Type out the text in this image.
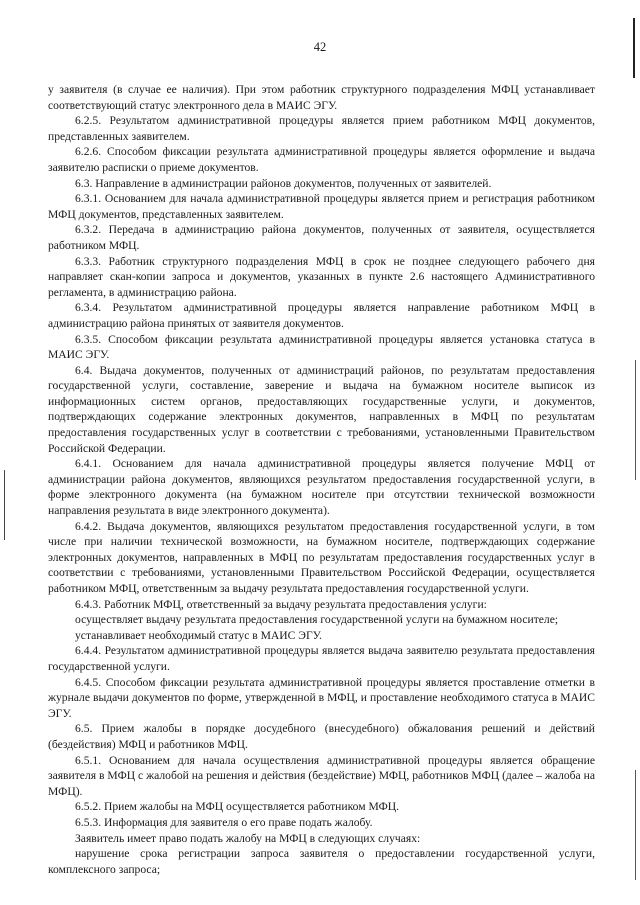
42

у заявителя (в случае ее наличия). При этом работник структурного подразделения МФЦ устанавливает соответствующий статус электронного дела в МАИС ЭГУ.

6.2.5. Результатом административной процедуры является прием работником МФЦ документов, представленных заявителем.

6.2.6. Способом фиксации результата административной процедуры является оформление и выдача заявителю расписки о приеме документов.

6.3. Направление в администрации районов документов, полученных от заявителей.

6.3.1. Основанием для начала административной процедуры является прием и регистрация работником МФЦ документов, представленных заявителем.

6.3.2. Передача в администрацию района документов, полученных от заявителя, осуществляется работником МФЦ.

6.3.3. Работник структурного подразделения МФЦ в срок не позднее следующего рабочего дня направляет скан-копии запроса и документов, указанных в пункте 2.6 настоящего Административного регламента, в администрацию района.

6.3.4. Результатом административной процедуры является направление работником МФЦ в администрацию района принятых от заявителя документов.

6.3.5. Способом фиксации результата административной процедуры является установка статуса в МАИС ЭГУ.

6.4. Выдача документов, полученных от администраций районов, по результатам предоставления государственной услуги, составление, заверение и выдача на бумажном носителе выписок из информационных систем органов, предоставляющих государственные услуги, и документов, подтверждающих содержание электронных документов, направленных в МФЦ по результатам предоставления государственных услуг в соответствии с требованиями, установленными Правительством Российской Федерации.

6.4.1. Основанием для начала административной процедуры является получение МФЦ от администрации района документов, являющихся результатом предоставления государственной услуги, в форме электронного документа (на бумажном носителе при отсутствии технической возможности направления результата в виде электронного документа).

6.4.2. Выдача документов, являющихся результатом предоставления государственной услуги, в том числе при наличии технической возможности, на бумажном носителе, подтверждающих содержание электронных документов, направленных в МФЦ по результатам предоставления государственных услуг в соответствии с требованиями, установленными Правительством Российской Федерации, осуществляется работником МФЦ, ответственным за выдачу результата предоставления государственной услуги.

6.4.3. Работник МФЦ, ответственный за выдачу результата предоставления услуги:

осуществляет выдачу результата предоставления государственной услуги на бумажном носителе;

устанавливает необходимый статус в МАИС ЭГУ.

6.4.4. Результатом административной процедуры является выдача заявителю результата предоставления государственной услуги.

6.4.5. Способом фиксации результата административной процедуры является проставление отметки в журнале выдачи документов по форме, утвержденной в МФЦ, и проставление необходимого статуса в МАИС ЭГУ.

6.5. Прием жалобы в порядке досудебного (внесудебного) обжалования решений и действий (бездействия) МФЦ и работников МФЦ.

6.5.1. Основанием для начала осуществления административной процедуры является обращение заявителя в МФЦ с жалобой на решения и действия (бездействие) МФЦ, работников МФЦ (далее – жалоба на МФЦ).

6.5.2. Прием жалобы на МФЦ осуществляется работником МФЦ.

6.5.3. Информация для заявителя о его праве подать жалобу.

Заявитель имеет право подать жалобу на МФЦ в следующих случаях:

нарушение срока регистрации запроса заявителя о предоставлении государственной услуги, комплексного запроса;
